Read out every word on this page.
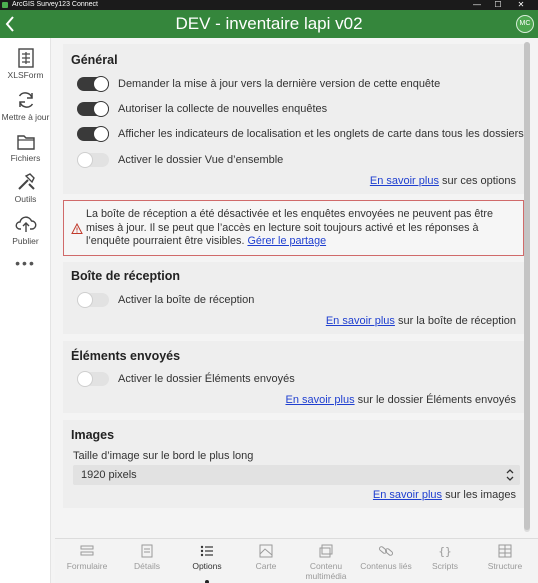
ArcGIS Survey123 Connect	—	☐	✕
DEV - inventaire lapi v02	MC
XLSForm
Mettre à jour
Fichiers
Outils
Publier
•••
Général
Demander la mise à jour vers la dernière version de cette enquête
Autoriser la collecte de nouvelles enquêtes
Afficher les indicateurs de localisation et les onglets de carte dans tous les dossiers
Activer le dossier Vue d’ensemble
En savoir plus sur ces options
La boîte de réception a été désactivée et les enquêtes envoyées ne peuvent pas être mises à jour. Il se peut que l’accès en lecture soit toujours activé et les réponses à l’enquête pourraient être visibles. Gérer le partage
Boîte de réception
Activer la boîte de réception
En savoir plus sur la boîte de réception
Éléments envoyés
Activer le dossier Éléments envoyés
En savoir plus sur le dossier Éléments envoyés
Images
Taille d’image sur le bord le plus long
1920 pixels
En savoir plus sur les images
Formulaire	Détails	Options	Carte	Contenu
multimédia
Contenus liés
{}
Scripts	Structure
